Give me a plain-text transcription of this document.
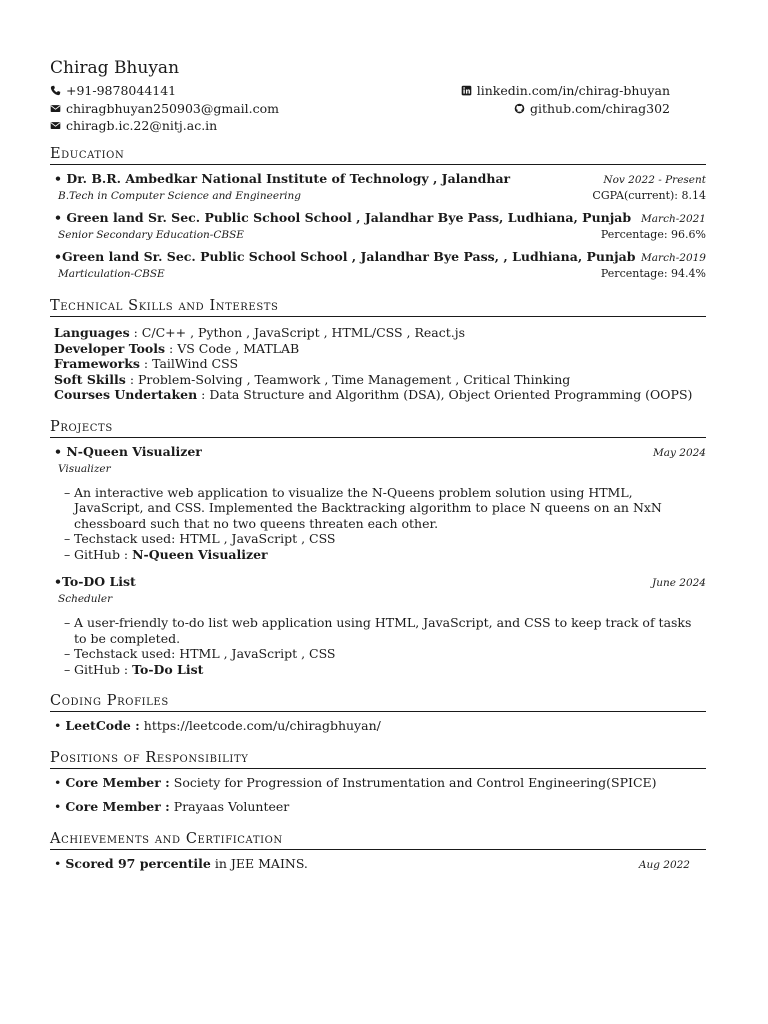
Chirag Bhuyan
+91-9878044141
chiragbhuyan250903@gmail.com
chiragb.ic.22@nitj.ac.in
linkedin.com/in/chirag-bhuyan
github.com/chirag302
Education
• Dr. B.R. Ambedkar National Institute of Technology , Jalandhar	Nov 2022 - Present
B.Tech in Computer Science and Engineering	CGPA(current): 8.14
• Green land Sr. Sec. Public School School , Jalandhar Bye Pass, Ludhiana, Punjab March-2021
Senior Secondary Education-CBSE	Percentage: 96.6%
•Green land Sr. Sec. Public School School , Jalandhar Bye Pass, , Ludhiana, Punjab March-2019
Marticulation-CBSE	Percentage: 94.4%
Technical Skills and Interests
Languages : C/C++ , Python , JavaScript , HTML/CSS , React.js
Developer Tools : VS Code , MATLAB
Frameworks : TailWind CSS
Soft Skills : Problem-Solving , Teamwork , Time Management , Critical Thinking
Courses Undertaken : Data Structure and Algorithm (DSA), Object Oriented Programming (OOPS)
Projects
• N-Queen Visualizer	May 2024
Visualizer
– An interactive web application to visualize the N-Queens problem solution using HTML, JavaScript, and CSS. Implemented the Backtracking algorithm to place N queens on an NxN chessboard such that no two queens threaten each other.
– Techstack used: HTML , JavaScript , CSS
– GitHub : N-Queen Visualizer
•To-DO List	June 2024
Scheduler
– A user-friendly to-do list web application using HTML, JavaScript, and CSS to keep track of tasks to be completed.
– Techstack used: HTML , JavaScript , CSS
– GitHub : To-Do List
Coding Profiles
• LeetCode : https://leetcode.com/u/chiragbhuyan/
Positions of Responsibility
• Core Member : Society for Progression of Instrumentation and Control Engineering(SPICE)
• Core Member : Prayaas Volunteer
Achievements and Certification
• Scored 97 percentile in JEE MAINS.	Aug 2022
